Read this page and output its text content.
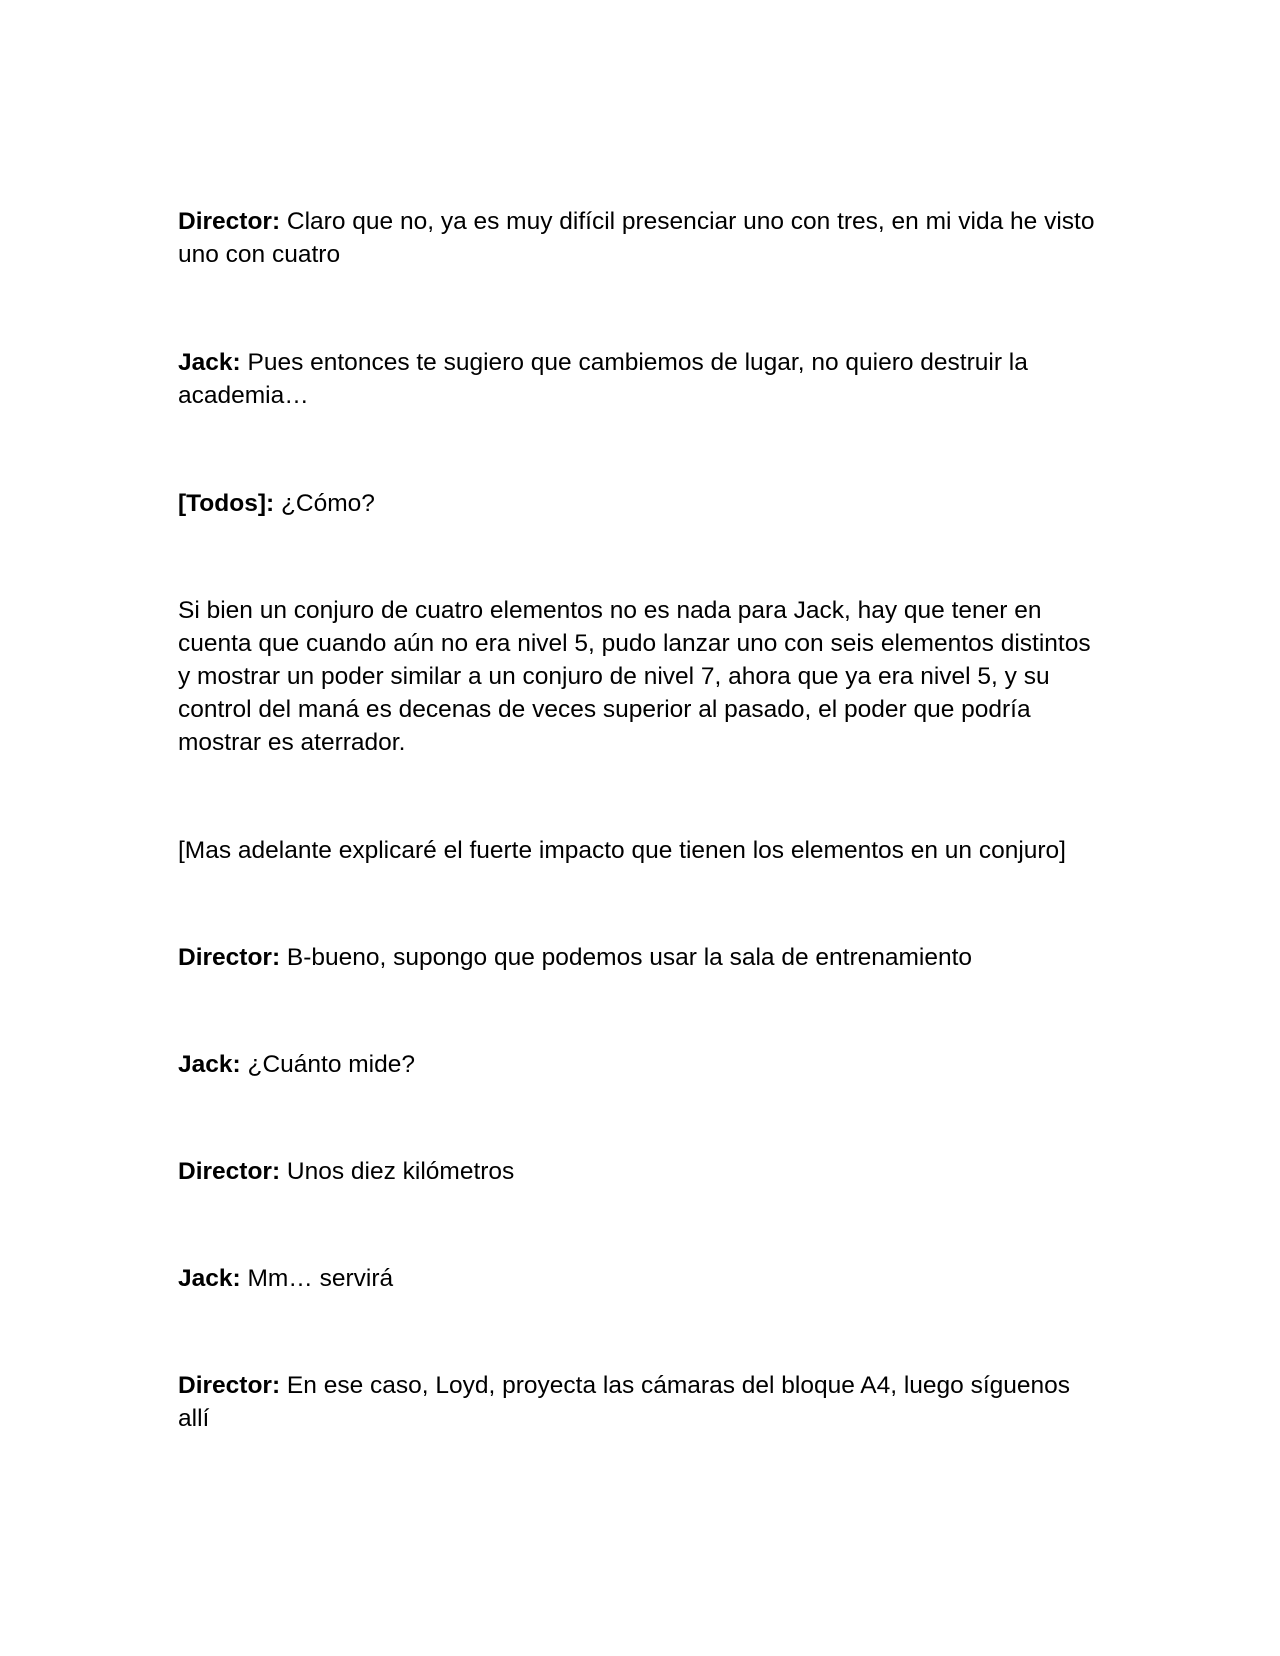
Director: Claro que no, ya es muy difícil presenciar uno con tres, en mi vida he visto uno con cuatro

Jack: Pues entonces te sugiero que cambiemos de lugar, no quiero destruir la academia…

[Todos]: ¿Cómo?

Si bien un conjuro de cuatro elementos no es nada para Jack, hay que tener en cuenta que cuando aún no era nivel 5, pudo lanzar uno con seis elementos distintos y mostrar un poder similar a un conjuro de nivel 7, ahora que ya era nivel 5, y su control del maná es decenas de veces superior al pasado, el poder que podría mostrar es aterrador.

[Mas adelante explicaré el fuerte impacto que tienen los elementos en un conjuro]

Director: B-bueno, supongo que podemos usar la sala de entrenamiento

Jack: ¿Cuánto mide?

Director: Unos diez kilómetros

Jack: Mm… servirá

Director: En ese caso, Loyd, proyecta las cámaras del bloque A4, luego síguenos allí
